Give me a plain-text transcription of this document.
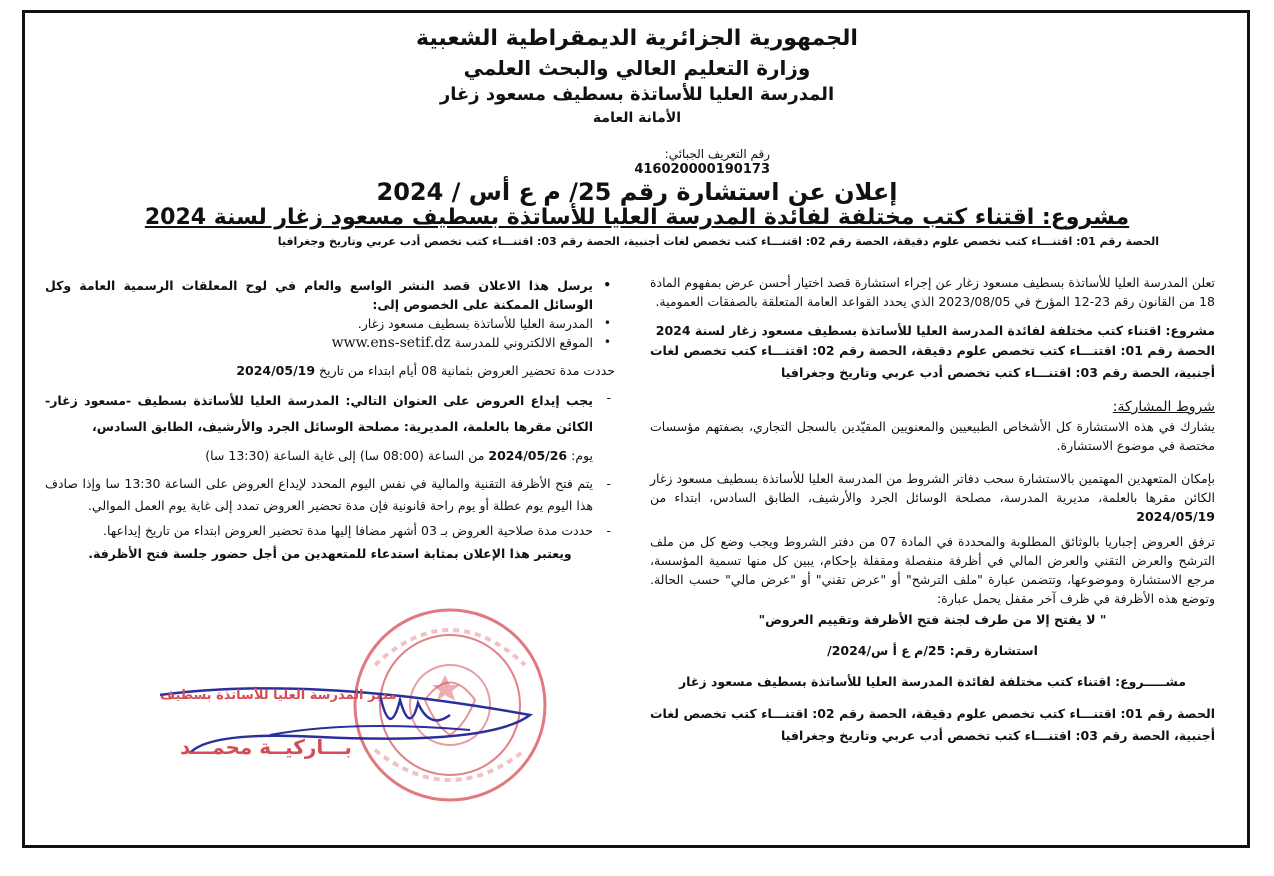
الجمهورية الجزائرية الديمقراطية الشعبية
وزارة التعليم العالي والبحث العلمي
المدرسة العليا للأساتذة بسطيف مسعود زغار
الأمانة العامة
رقم التعريف الجبائي:
416020000190173
إعلان عن استشارة رقم 25/ م ع أس / 2024
مشروع: اقتناء كتب مختلفة لفائدة المدرسة العليا للأساتذة بسطيف مسعود زغار لسنة 2024
الحصة رقم 01: اقتنـــاء كتب تخصص علوم دقيقة، الحصة رقم 02: اقتنـــاء كتب تخصص لغات أجنبية، الحصة رقم 03: اقتنـــاء كتب تخصص أدب عربي وتاريخ وجغرافيا

تعلن المدرسة العليا للأساتذة بسطيف مسعود زغار عن إجراء استشارة قصد اختيار أحسن عرض بمفهوم المادة 18 من القانون رقم 23-12 المؤرخ في 2023/08/05 الذي يحدد القواعد العامة المتعلقة بالصفقات العمومية.

مشروع: اقتناء كتب مختلفة لفائدة المدرسة العليا للأساتذة بسطيف مسعود زغار لسنة 2024

الحصة رقم 01: اقتنـــاء كتب تخصص علوم دقيقة، الحصة رقم 02: اقتنـــاء كتب تخصص لغات أجنبية، الحصة رقم 03: اقتنـــاء كتب تخصص أدب عربي وتاريخ وجغرافيا

شروط المشاركة:

يشارك في هذه الاستشارة كل الأشخاص الطبيعيين والمعنويين المقيّدين بالسجل التجاري، بصفتهم مؤسسات مختصة في موضوع الاستشارة.

بإمكان المتعهدين المهتمين بالاستشارة سحب دفاتر الشروط من المدرسة العليا للأساتذة بسطيف مسعود زغار الكائن مقرها بالعلمة، مديرية المدرسة، مصلحة الوسائل الجرد والأرشيف، الطابق السادس، ابتداء من 2024/05/19

ترفق العروض إجباريا بالوثائق المطلوبة والمحددة في المادة 07 من دفتر الشروط ويجب وضع كل من ملف الترشح والعرض التقني والعرض المالي في أظرفة منفصلة ومقفلة بإحكام، يبين كل منها تسمية المؤسسة، مرجع الاستشارة وموضوعها، وتتضمن عبارة "ملف الترشح" أو "عرض تقني" أو "عرض مالي" حسب الحالة. وتوضع هذه الأظرفة في ظرف آخر مقفل يحمل عبارة:

" لا يفتح إلا من طرف لجنة فتح الأظرفة وتقييم العروض"

استشارة رقم: 25/م ع أ س/2024/

مشـــــروع: اقتناء كتب مختلفة لفائدة المدرسة العليا للأساتذة بسطيف مسعود زغار

الحصة رقم 01: اقتنـــاء كتب تخصص علوم دقيقة، الحصة رقم 02: اقتنـــاء كتب تخصص لغات أجنبية، الحصة رقم 03: اقتنـــاء كتب تخصص أدب عربي وتاريخ وجغرافيا

• يرسل هذا الاعلان قصد النشر الواسع والعام في لوح المعلقات الرسمية العامة وكل الوسائل الممكنة على الخصوص إلى:
• المدرسة العليا للأساتذة بسطيف مسعود زغار.
• الموقع الالكتروني للمدرسة www.ens-setif.dz

حددت مدة تحضير العروض بثمانية 08 أيام ابتداء من تاريخ 2024/05/19

- يجب إيداع العروض على العنوان التالي: المدرسة العليا للأساتذة بسطيف -مسعود زغار- الكائن مقرها بالعلمة، المديرية: مصلحة الوسائل الجرد والأرشيف، الطابق السادس،
يوم: 2024/05/26 من الساعة (08:00 سا) إلى غاية الساعة (13:30 سا)
- يتم فتح الأظرفة التقنية والمالية في نفس اليوم المحدد لإيداع العروض على الساعة 13:30 سا وإذا صادف هذا اليوم يوم عطلة أو يوم راحة قانونية فإن مدة تحضير العروض تمدد إلى غاية يوم العمل الموالي.
- حددت مدة صلاحية العروض بـ 03 أشهر مضافا إليها مدة تحضير العروض ابتداء من تاريخ إيداعها.

ويعتبر هذا الإعلان بمثابة استدعاء للمتعهدين من أجل حضور جلسة فتح الأظرفة.

مدير المدرسة العليا للأساتذة بسطيف
بـــاركيــة محمـــد
